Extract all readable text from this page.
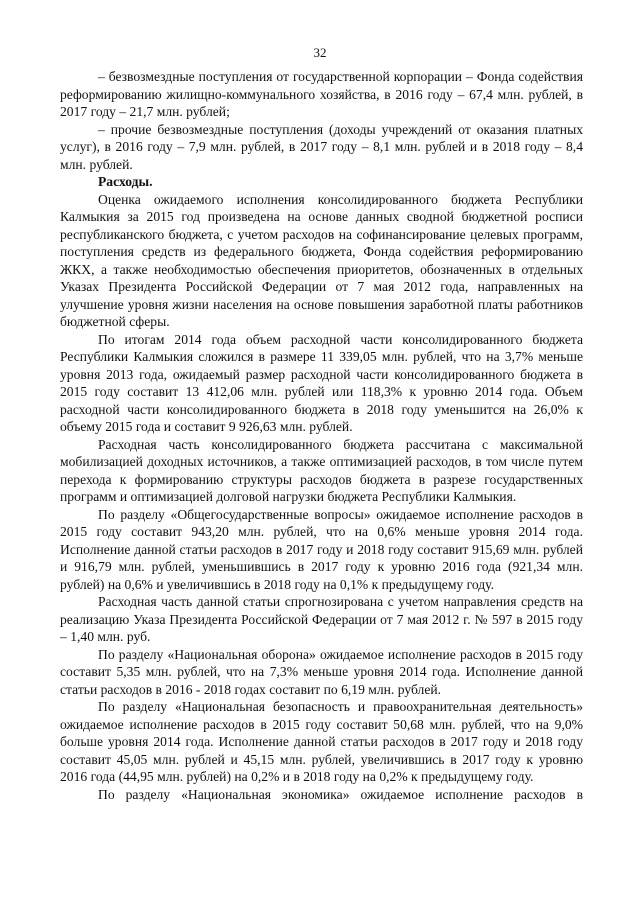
32

– безвозмездные поступления от государственной корпорации – Фонда содействия реформированию жилищно-коммунального хозяйства, в 2016 году – 67,4 млн. рублей, в 2017 году – 21,7 млн. рублей;

– прочие безвозмездные поступления (доходы учреждений от оказания платных услуг), в 2016 году – 7,9 млн. рублей, в 2017 году – 8,1 млн. рублей и в 2018 году – 8,4 млн. рублей.

Расходы.

Оценка ожидаемого исполнения консолидированного бюджета Республики Калмыкия за 2015 год произведена на основе данных сводной бюджетной росписи республиканского бюджета, с учетом расходов на софинансирование целевых программ, поступления средств из федерального бюджета, Фонда содействия реформированию ЖКХ, а также необходимостью обеспечения приоритетов, обозначенных в отдельных Указах Президента Российской Федерации от 7 мая 2012 года, направленных на улучшение уровня жизни населения на основе повышения заработной платы работников бюджетной сферы.

По итогам 2014 года объем расходной части консолидированного бюджета Республики Калмыкия сложился в размере 11 339,05 млн. рублей, что на 3,7% меньше уровня 2013 года, ожидаемый размер расходной части консолидированного бюджета в 2015 году составит 13 412,06 млн. рублей или 118,3% к уровню 2014 года. Объем расходной части консолидированного бюджета в 2018 году уменьшится на 26,0% к объему 2015 года и составит 9 926,63 млн. рублей.

Расходная часть консолидированного бюджета рассчитана с максимальной мобилизацией доходных источников, а также оптимизацией расходов, в том числе путем перехода к формированию структуры расходов бюджета в разрезе государственных программ и оптимизацией долговой нагрузки бюджета Республики Калмыкия.

По разделу «Общегосударственные вопросы» ожидаемое исполнение расходов в 2015 году составит 943,20 млн. рублей, что на 0,6% меньше уровня 2014 года. Исполнение данной статьи расходов в 2017 году и 2018 году составит 915,69 млн. рублей и 916,79 млн. рублей, уменьшившись в 2017 году к уровню 2016 года (921,34 млн. рублей) на 0,6% и увеличившись в 2018 году на 0,1% к предыдущему году.

Расходная часть данной статьи спрогнозирована с учетом направления средств на реализацию Указа Президента Российской Федерации от 7 мая 2012 г. № 597 в 2015 году – 1,40 млн. руб.

По разделу «Национальная оборона» ожидаемое исполнение расходов в 2015 году составит 5,35 млн. рублей, что на 7,3% меньше уровня 2014 года. Исполнение данной статьи расходов в 2016 - 2018 годах составит по 6,19 млн. рублей.

По разделу «Национальная безопасность и правоохранительная деятельность» ожидаемое исполнение расходов в 2015 году составит 50,68 млн. рублей, что на 9,0% больше уровня 2014 года. Исполнение данной статьи расходов в 2017 году и 2018 году составит 45,05 млн. рублей и 45,15 млн. рублей, увеличившись в 2017 году к уровню 2016 года (44,95 млн. рублей) на 0,2% и в 2018 году на 0,2% к предыдущему году.

По разделу «Национальная экономика» ожидаемое исполнение расходов в
